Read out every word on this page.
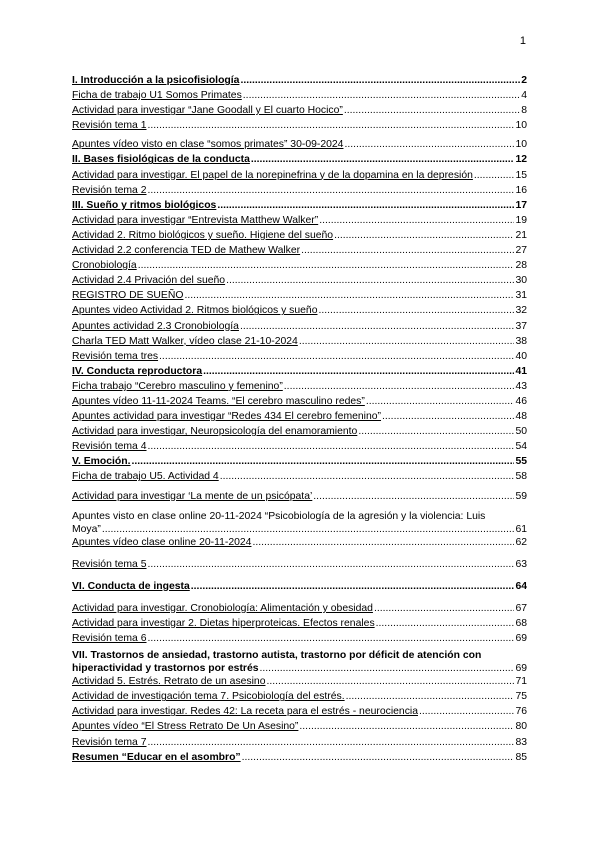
1
I. Introducción a la psicofisiología .....	2
Ficha de trabajo U1 Somos Primates .....	4
Actividad para investigar “Jane Goodall y El cuarto Hocico” .....	8
Revisión tema 1 .....	10
Apuntes vídeo visto en clase “somos primates” 30-09-2024 .....	10
II. Bases fisiológicas de la conducta .....	12
Actividad para investigar. El papel de la norepinefrina y de la dopamina en la depresión .....	15
Revisión tema 2 .....	16
III. Sueño y ritmos biológicos .....	17
Actividad para investigar “Entrevista Matthew Walker” .....	19
Actividad 2. Ritmo biológicos y sueño. Higiene del sueño .....	21
Actividad 2.2 conferencia TED de Mathew Walker .....	27
Cronobiología .....	28
Actividad 2.4 Privación del sueño .....	30
REGISTRO DE SUEÑO .....	31
Apuntes video Actividad 2. Ritmos biológicos y sueño .....	32
Apuntes actividad 2.3 Cronobiología .....	37
Charla TED Matt Walker, vídeo clase 21-10-2024 .....	38
Revisión tema tres .....	40
IV. Conducta reproductora .....	41
Ficha trabajo “Cerebro masculino y femenino” .....	43
Apuntes vídeo 11-11-2024 Teams. “El cerebro masculino redes” .....	46
Apuntes actividad para investigar “Redes 434 El cerebro femenino” .....	48
Actividad para investigar, Neuropsicología del enamoramiento .....	50
Revisión tema 4 .....	54
V. Emoción. .....	55
Ficha de trabajo U5. Actividad 4 .....	58
Actividad para investigar ‘La mente de un psicópata’ .....	59
Apuntes visto en clase online 20-11-2024 “Psicobiología de la agresión y la violencia: Luis
Moya” .....	61
Apuntes vídeo clase online 20-11-2024 .....	62
Revisión tema 5 .....	63
VI. Conducta de ingesta .....	64
Actividad para investigar. Cronobiología: Alimentación y obesidad .....	67
Actividad para investigar 2. Dietas hiperproteicas. Efectos renales .....	68
Revisión tema 6 .....	69
VII. Trastornos de ansiedad, trastorno autista, trastorno por déficit de atención con
hiperactividad y trastornos por estrés .....	69
Actividad 5. Estrés. Retrato de un asesino .....	71
Actividad de investigación tema 7. Psicobiología del estrés. .....	75
Actividad para investigar. Redes 42: La receta para el estrés - neurociencia .....	76
Apuntes vídeo “El Stress Retrato De Un Asesino” .....	80
Revisión tema 7 .....	83
Resumen “Educar en el asombro” .....	85
